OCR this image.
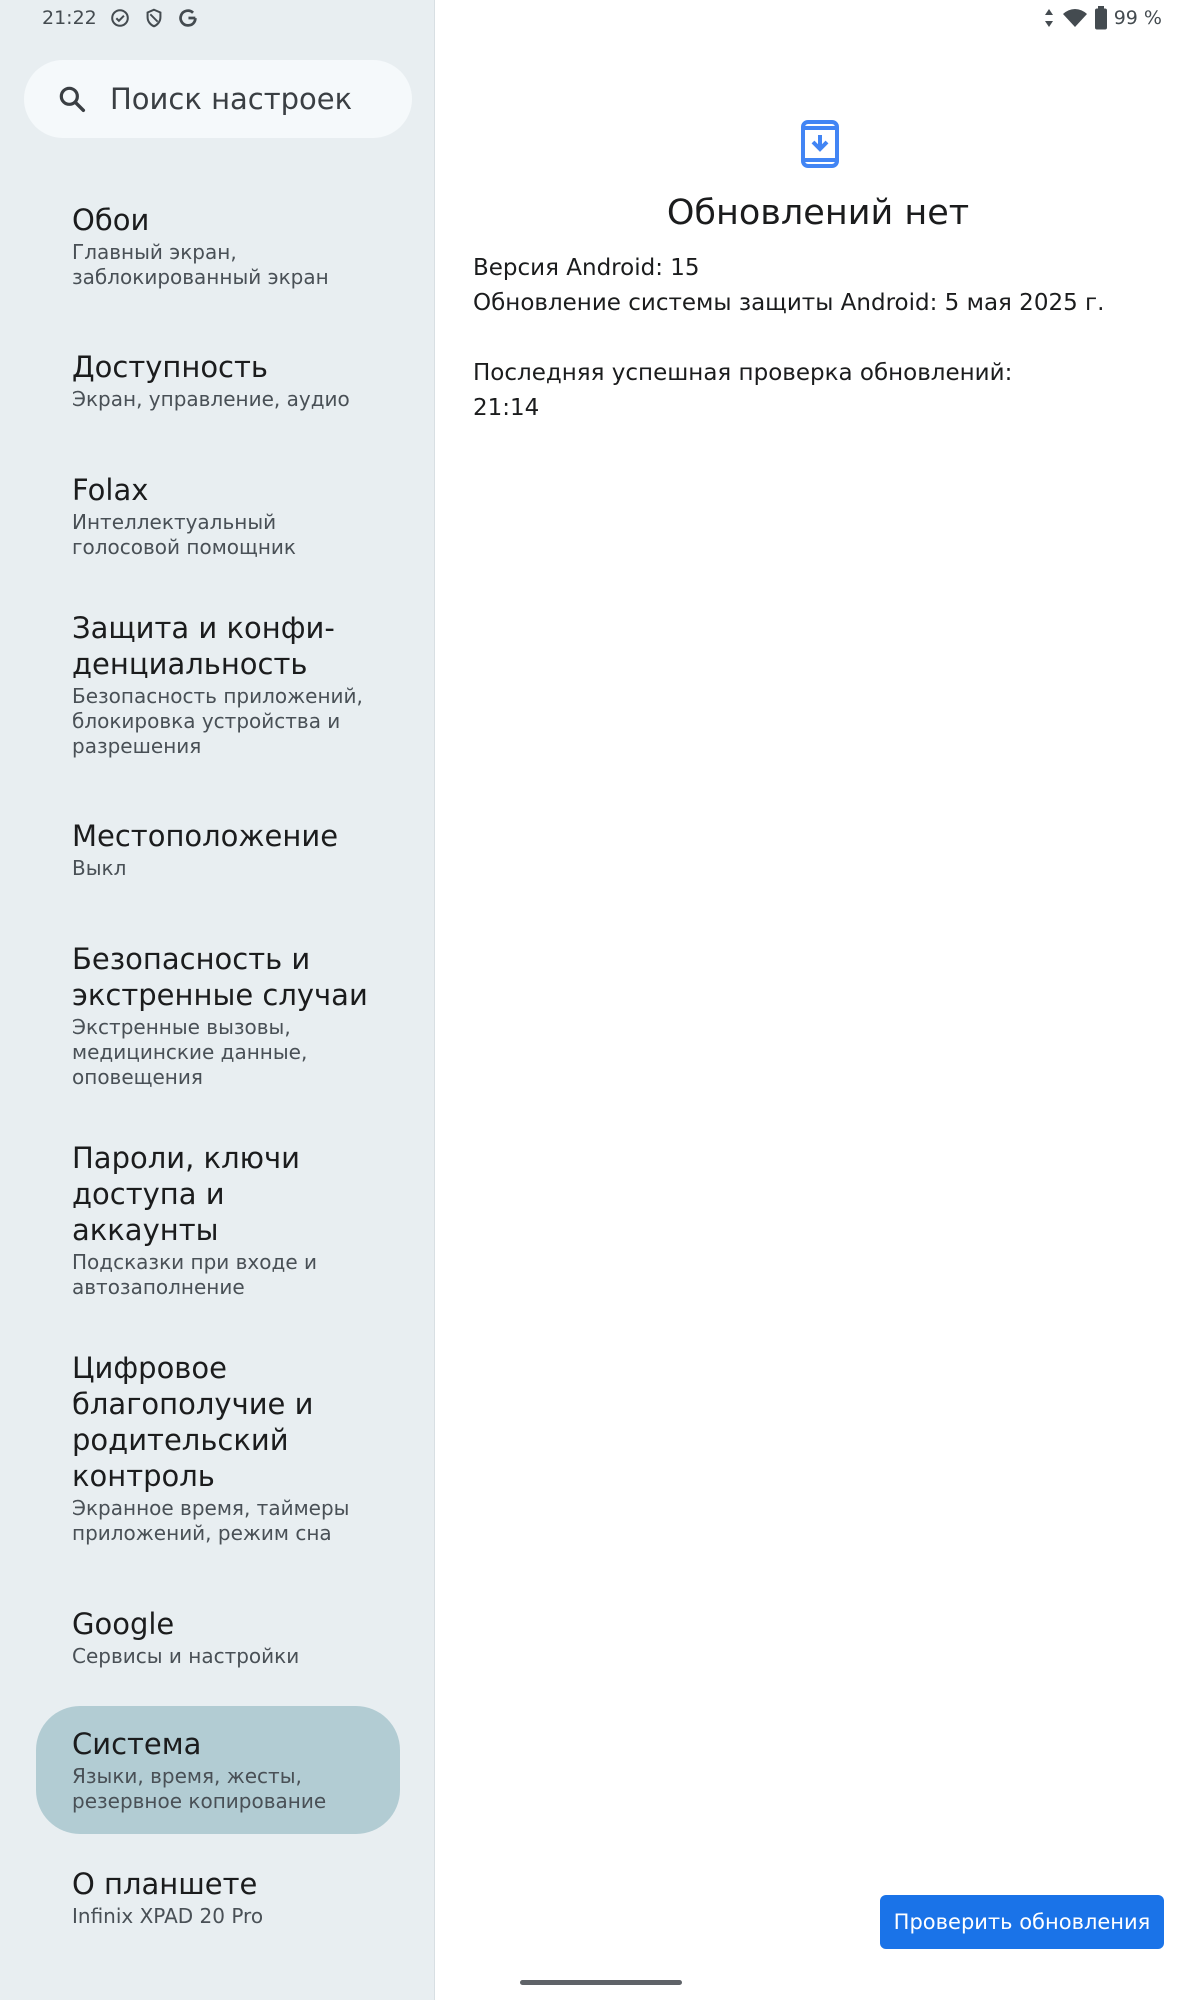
21:22
Поиск настроек
Обои
Главный экран,
заблокированный экран
Доступность
Экран, управление, аудио
Folax
Интеллектуальный
голосовой помощник
Защита и конфи-
денциальность
Безопасность приложений,
блокировка устройства и
разрешения
Местоположение
Выкл
Безопасность и
экстренные случаи
Экстренные вызовы,
медицинские данные,
оповещения
Пароли, ключи
доступа и
аккаунты
Подсказки при входе и
автозаполнение
Цифровое
благополучие и
родительский
контроль
Экранное время, таймеры
приложений, режим сна
Google
Сервисы и настройки
Система
Языки, время, жесты,
резервное копирование
О планшете
Infinix XPAD 20 Pro
99 %
Обновлений нет
Версия Android: 15
Обновление системы защиты Android: 5 мая 2025 г.
Последняя успешная проверка обновлений:
21:14
Проверить обновления
